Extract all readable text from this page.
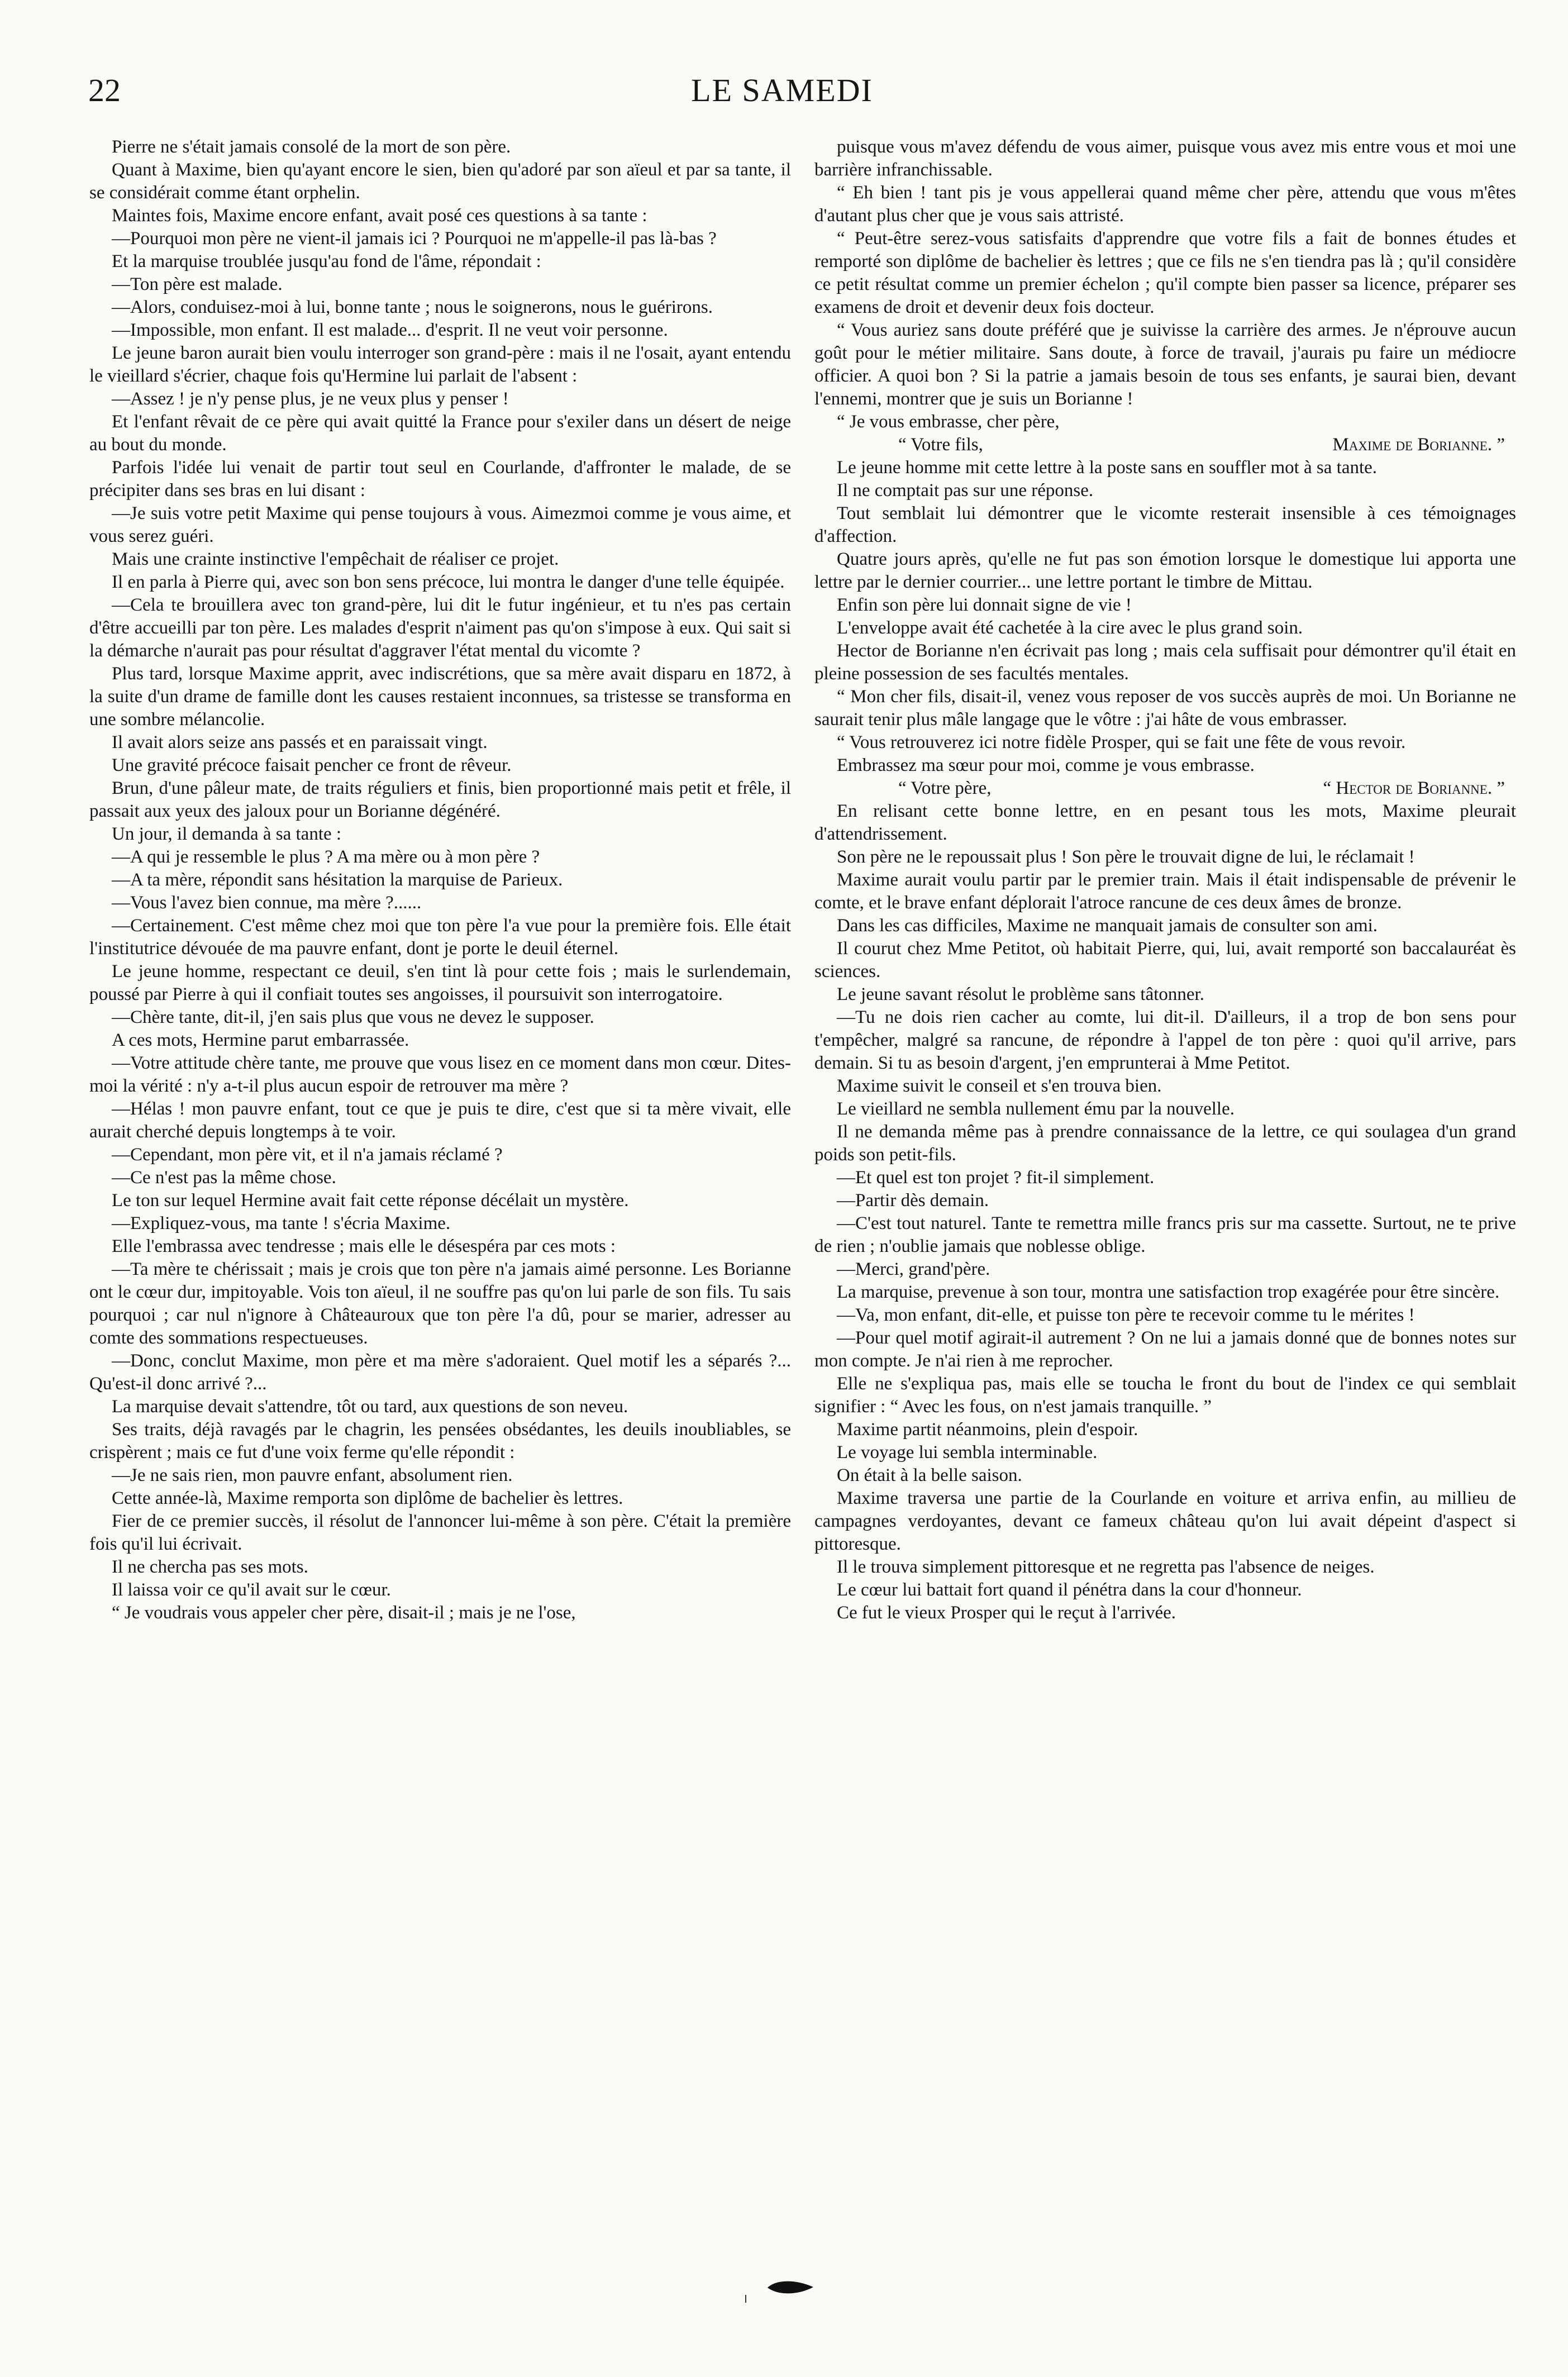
22	LE SAMEDI

Pierre ne s'était jamais consolé de la mort de son père.

Quant à Maxime, bien qu'ayant encore le sien, bien qu'adoré par son aïeul et par sa tante, il se considérait comme étant orphelin.

Maintes fois, Maxime encore enfant, avait posé ces questions à sa tante :

—Pourquoi mon père ne vient-il jamais ici ? Pourquoi ne m'appelle-il pas là-bas ?

Et la marquise troublée jusqu'au fond de l'âme, répondait :

—Ton père est malade.

—Alors, conduisez-moi à lui, bonne tante ; nous le soignerons, nous le guérirons.

—Impossible, mon enfant. Il est malade... d'esprit. Il ne veut voir personne.

Le jeune baron aurait bien voulu interroger son grand-père : mais il ne l'osait, ayant entendu le vieillard s'écrier, chaque fois qu'Hermine lui parlait de l'absent :

—Assez ! je n'y pense plus, je ne veux plus y penser !

Et l'enfant rêvait de ce père qui avait quitté la France pour s'exiler dans un désert de neige au bout du monde.

Parfois l'idée lui venait de partir tout seul en Courlande, d'affronter le malade, de se précipiter dans ses bras en lui disant :

—Je suis votre petit Maxime qui pense toujours à vous. Aimezmoi comme je vous aime, et vous serez guéri.

Mais une crainte instinctive l'empêchait de réaliser ce projet.

Il en parla à Pierre qui, avec son bon sens précoce, lui montra le danger d'une telle équipée.

—Cela te brouillera avec ton grand-père, lui dit le futur ingénieur, et tu n'es pas certain d'être accueilli par ton père. Les malades d'esprit n'aiment pas qu'on s'impose à eux. Qui sait si la démarche n'aurait pas pour résultat d'aggraver l'état mental du vicomte ?

Plus tard, lorsque Maxime apprit, avec indiscrétions, que sa mère avait disparu en 1872, à la suite d'un drame de famille dont les causes restaient inconnues, sa tristesse se transforma en une sombre mélancolie.

Il avait alors seize ans passés et en paraissait vingt.

Une gravité précoce faisait pencher ce front de rêveur.

Brun, d'une pâleur mate, de traits réguliers et finis, bien proportionné mais petit et frêle, il passait aux yeux des jaloux pour un Borianne dégénéré.

Un jour, il demanda à sa tante :

—A qui je ressemble le plus ? A ma mère ou à mon père ?

—A ta mère, répondit sans hésitation la marquise de Parieux.

—Vous l'avez bien connue, ma mère ?......

—Certainement. C'est même chez moi que ton père l'a vue pour la première fois. Elle était l'institutrice dévouée de ma pauvre enfant, dont je porte le deuil éternel.

Le jeune homme, respectant ce deuil, s'en tint là pour cette fois ; mais le surlendemain, poussé par Pierre à qui il confiait toutes ses angoisses, il poursuivit son interrogatoire.

—Chère tante, dit-il, j'en sais plus que vous ne devez le supposer.

A ces mots, Hermine parut embarrassée.

—Votre attitude chère tante, me prouve que vous lisez en ce moment dans mon cœur. Dites-moi la vérité : n'y a-t-il plus aucun espoir de retrouver ma mère ?

—Hélas ! mon pauvre enfant, tout ce que je puis te dire, c'est que si ta mère vivait, elle aurait cherché depuis longtemps à te voir.

—Cependant, mon père vit, et il n'a jamais réclamé ?

—Ce n'est pas la même chose.

Le ton sur lequel Hermine avait fait cette réponse décélait un mystère.

—Expliquez-vous, ma tante ! s'écria Maxime.

Elle l'embrassa avec tendresse ; mais elle le désespéra par ces mots :

—Ta mère te chérissait ; mais je crois que ton père n'a jamais aimé personne. Les Borianne ont le cœur dur, impitoyable. Vois ton aïeul, il ne souffre pas qu'on lui parle de son fils. Tu sais pourquoi ; car nul n'ignore à Châteauroux que ton père l'a dû, pour se marier, adresser au comte des sommations respectueuses.

—Donc, conclut Maxime, mon père et ma mère s'adoraient. Quel motif les a séparés ?... Qu'est-il donc arrivé ?...

La marquise devait s'attendre, tôt ou tard, aux questions de son neveu.

Ses traits, déjà ravagés par le chagrin, les pensées obsédantes, les deuils inoubliables, se crispèrent ; mais ce fut d'une voix ferme qu'elle répondit :

—Je ne sais rien, mon pauvre enfant, absolument rien.

Cette année-là, Maxime remporta son diplôme de bachelier ès lettres.

Fier de ce premier succès, il résolut de l'annoncer lui-même à son père. C'était la première fois qu'il lui écrivait.

Il ne chercha pas ses mots.

Il laissa voir ce qu'il avait sur le cœur.

“ Je voudrais vous appeler cher père, disait-il ; mais je ne l'ose,

puisque vous m'avez défendu de vous aimer, puisque vous avez mis entre vous et moi une barrière infranchissable.

“ Eh bien ! tant pis je vous appellerai quand même cher père, attendu que vous m'êtes d'autant plus cher que je vous sais attristé.

“ Peut-être serez-vous satisfaits d'apprendre que votre fils a fait de bonnes études et remporté son diplôme de bachelier ès lettres ; que ce fils ne s'en tiendra pas là ; qu'il considère ce petit résultat comme un premier échelon ; qu'il compte bien passer sa licence, préparer ses examens de droit et devenir deux fois docteur.

“ Vous auriez sans doute préféré que je suivisse la carrière des armes. Je n'éprouve aucun goût pour le métier militaire. Sans doute, à force de travail, j'aurais pu faire un médiocre officier. A quoi bon ? Si la patrie a jamais besoin de tous ses enfants, je saurai bien, devant l'ennemi, montrer que je suis un Borianne !

“ Je vous embrasse, cher père,

“ Votre fils,	Maxime de Borianne. ”

Le jeune homme mit cette lettre à la poste sans en souffler mot à sa tante.

Il ne comptait pas sur une réponse.

Tout semblait lui démontrer que le vicomte resterait insensible à ces témoignages d'affection.

Quatre jours après, qu'elle ne fut pas son émotion lorsque le domestique lui apporta une lettre par le dernier courrier... une lettre portant le timbre de Mittau.

Enfin son père lui donnait signe de vie !

L'enveloppe avait été cachetée à la cire avec le plus grand soin.

Hector de Borianne n'en écrivait pas long ; mais cela suffisait pour démontrer qu'il était en pleine possession de ses facultés mentales.

“ Mon cher fils, disait-il, venez vous reposer de vos succès auprès de moi. Un Borianne ne saurait tenir plus mâle langage que le vôtre : j'ai hâte de vous embrasser.

“ Vous retrouverez ici notre fidèle Prosper, qui se fait une fête de vous revoir.

Embrassez ma sœur pour moi, comme je vous embrasse.

“ Votre père,	“ Hector de Borianne. ”

En relisant cette bonne lettre, en en pesant tous les mots, Maxime pleurait d'attendrissement.

Son père ne le repoussait plus ! Son père le trouvait digne de lui, le réclamait !

Maxime aurait voulu partir par le premier train. Mais il était indispensable de prévenir le comte, et le brave enfant déplorait l'atroce rancune de ces deux âmes de bronze.

Dans les cas difficiles, Maxime ne manquait jamais de consulter son ami.

Il courut chez Mme Petitot, où habitait Pierre, qui, lui, avait remporté son baccalauréat ès sciences.

Le jeune savant résolut le problème sans tâtonner.

—Tu ne dois rien cacher au comte, lui dit-il. D'ailleurs, il a trop de bon sens pour t'empêcher, malgré sa rancune, de répondre à l'appel de ton père : quoi qu'il arrive, pars demain. Si tu as besoin d'argent, j'en emprunterai à Mme Petitot.

Maxime suivit le conseil et s'en trouva bien.

Le vieillard ne sembla nullement ému par la nouvelle.

Il ne demanda même pas à prendre connaissance de la lettre, ce qui soulagea d'un grand poids son petit-fils.

—Et quel est ton projet ? fit-il simplement.

—Partir dès demain.

—C'est tout naturel. Tante te remettra mille francs pris sur ma cassette. Surtout, ne te prive de rien ; n'oublie jamais que noblesse oblige.

—Merci, grand'père.

La marquise, prevenue à son tour, montra une satisfaction trop exagérée pour être sincère.

—Va, mon enfant, dit-elle, et puisse ton père te recevoir comme tu le mérites !

—Pour quel motif agirait-il autrement ? On ne lui a jamais donné que de bonnes notes sur mon compte. Je n'ai rien à me reprocher.

Elle ne s'expliqua pas, mais elle se toucha le front du bout de l'index ce qui semblait signifier : “ Avec les fous, on n'est jamais tranquille. ”

Maxime partit néanmoins, plein d'espoir.

Le voyage lui sembla interminable.

On était à la belle saison.

Maxime traversa une partie de la Courlande en voiture et arriva enfin, au millieu de campagnes verdoyantes, devant ce fameux château qu'on lui avait dépeint d'aspect si pittoresque.

Il le trouva simplement pittoresque et ne regretta pas l'absence de neiges.

Le cœur lui battait fort quand il pénétra dans la cour d'honneur.

Ce fut le vieux Prosper qui le reçut à l'arrivée.
